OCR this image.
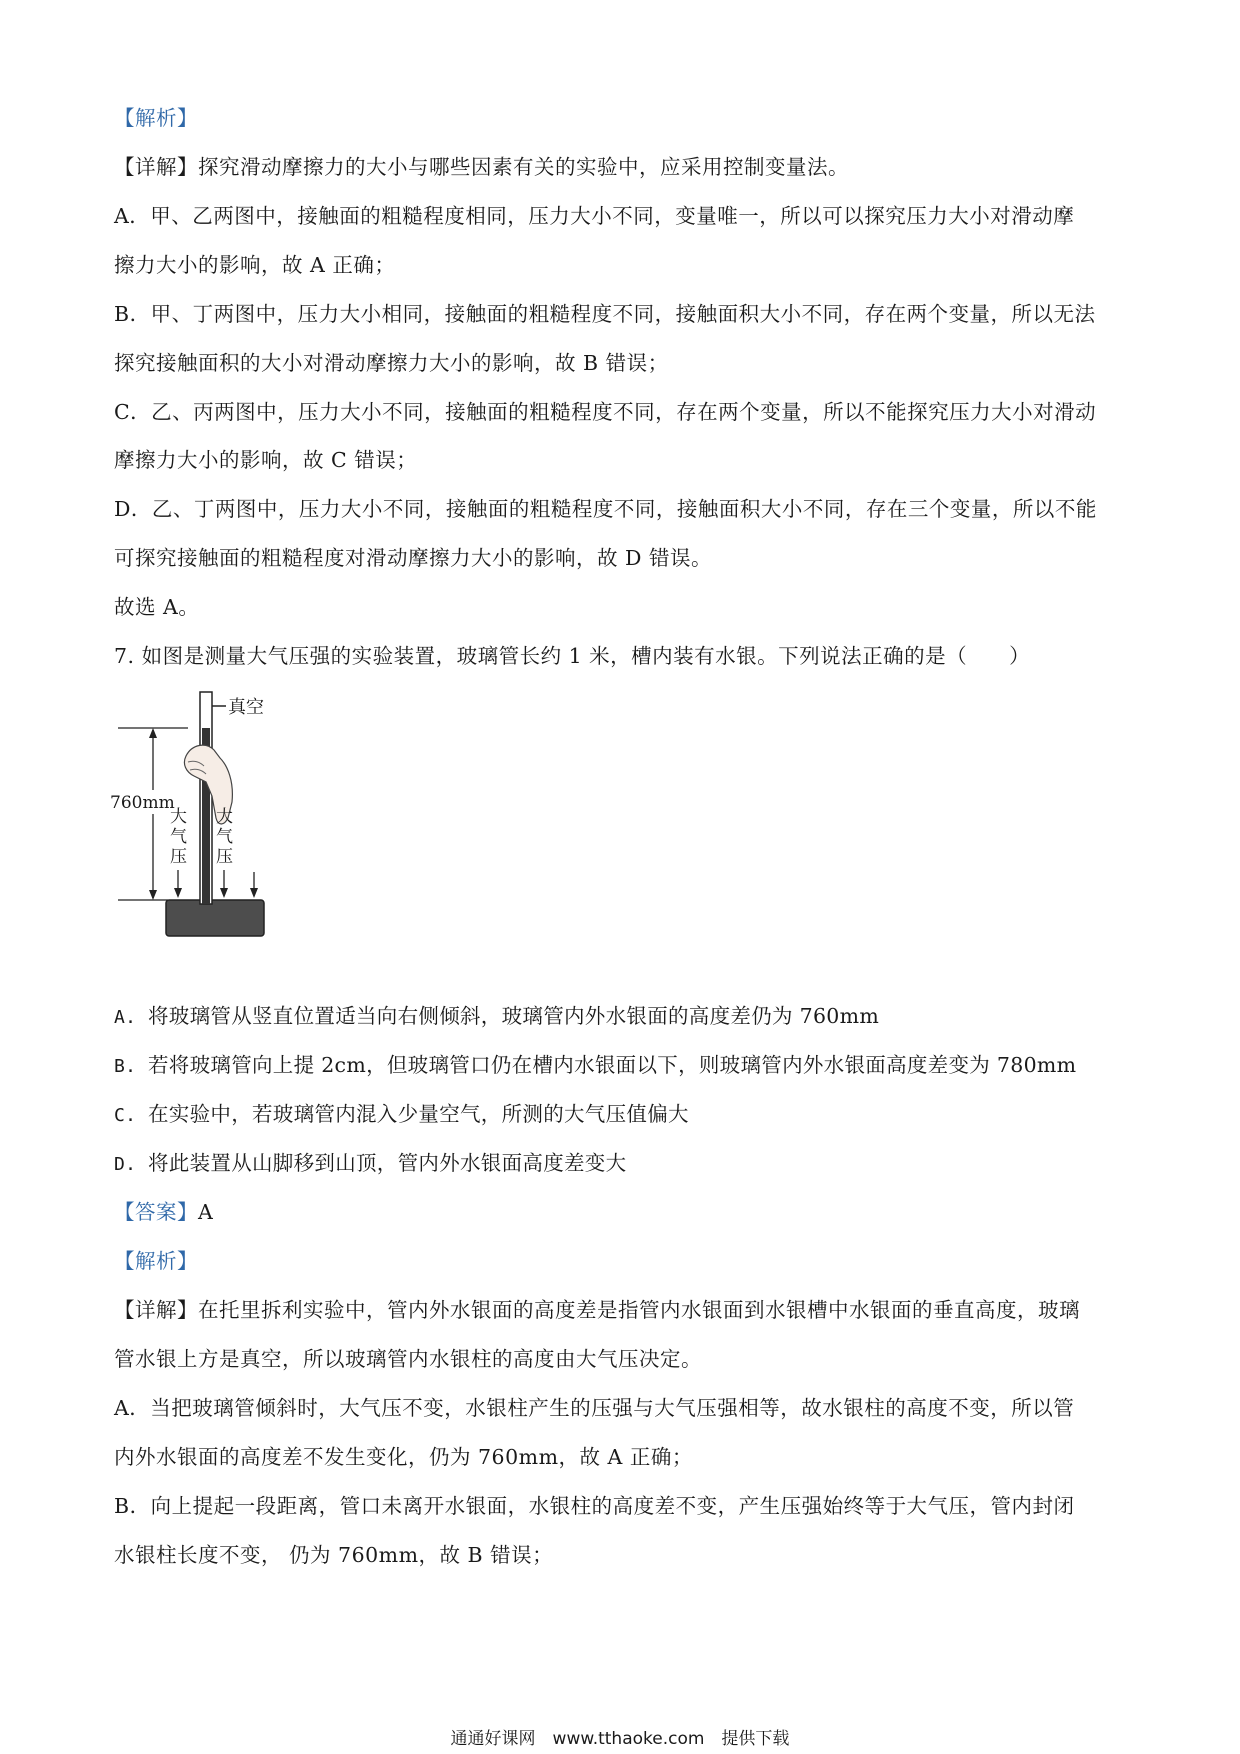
【解析】
【详解】探究滑动摩擦力的大小与哪些因素有关的实验中，应采用控制变量法。
A．甲、乙两图中，接触面的粗糙程度相同，压力大小不同，变量唯一，所以可以探究压力大小对滑动摩
擦力大小的影响，故 A 正确；
B．甲、丁两图中，压力大小相同，接触面的粗糙程度不同，接触面积大小不同，存在两个变量，所以无法
探究接触面积的大小对滑动摩擦力大小的影响，故 B 错误；
C．乙、丙两图中，压力大小不同，接触面的粗糙程度不同，存在两个变量，所以不能探究压力大小对滑动
摩擦力大小的影响，故 C 错误；
D．乙、丁两图中，压力大小不同，接触面的粗糙程度不同，接触面积大小不同，存在三个变量，所以不能
可探究接触面的粗糙程度对滑动摩擦力大小的影响，故 D 错误。
故选 A。
7. 如图是测量大气压强的实验装置，玻璃管长约 1 米，槽内装有水银。下列说法正确的是（　　）
真空
760mm
大
气
压
大
气
压
A. 将玻璃管从竖直位置适当向右侧倾斜，玻璃管内外水银面的高度差仍为 760mm
B. 若将玻璃管向上提 2cm，但玻璃管口仍在槽内水银面以下，则玻璃管内外水银面高度差变为 780mm
C. 在实验中，若玻璃管内混入少量空气，所测的大气压值偏大
D. 将此装置从山脚移到山顶，管内外水银面高度差变大
【答案】A
【解析】
【详解】在托里拆利实验中，管内外水银面的高度差是指管内水银面到水银槽中水银面的垂直高度，玻璃
管水银上方是真空，所以玻璃管内水银柱的高度由大气压决定。
A．当把玻璃管倾斜时，大气压不变，水银柱产生的压强与大气压强相等，故水银柱的高度不变，所以管
内外水银面的高度差不发生变化，仍为 760mm，故 A 正确；
B．向上提起一段距离，管口未离开水银面，水银柱的高度差不变，产生压强始终等于大气压，管内封闭
水银柱长度不变， 仍为 760mm，故 B 错误；
通通好课网　www.tthaoke.com　提供下载
